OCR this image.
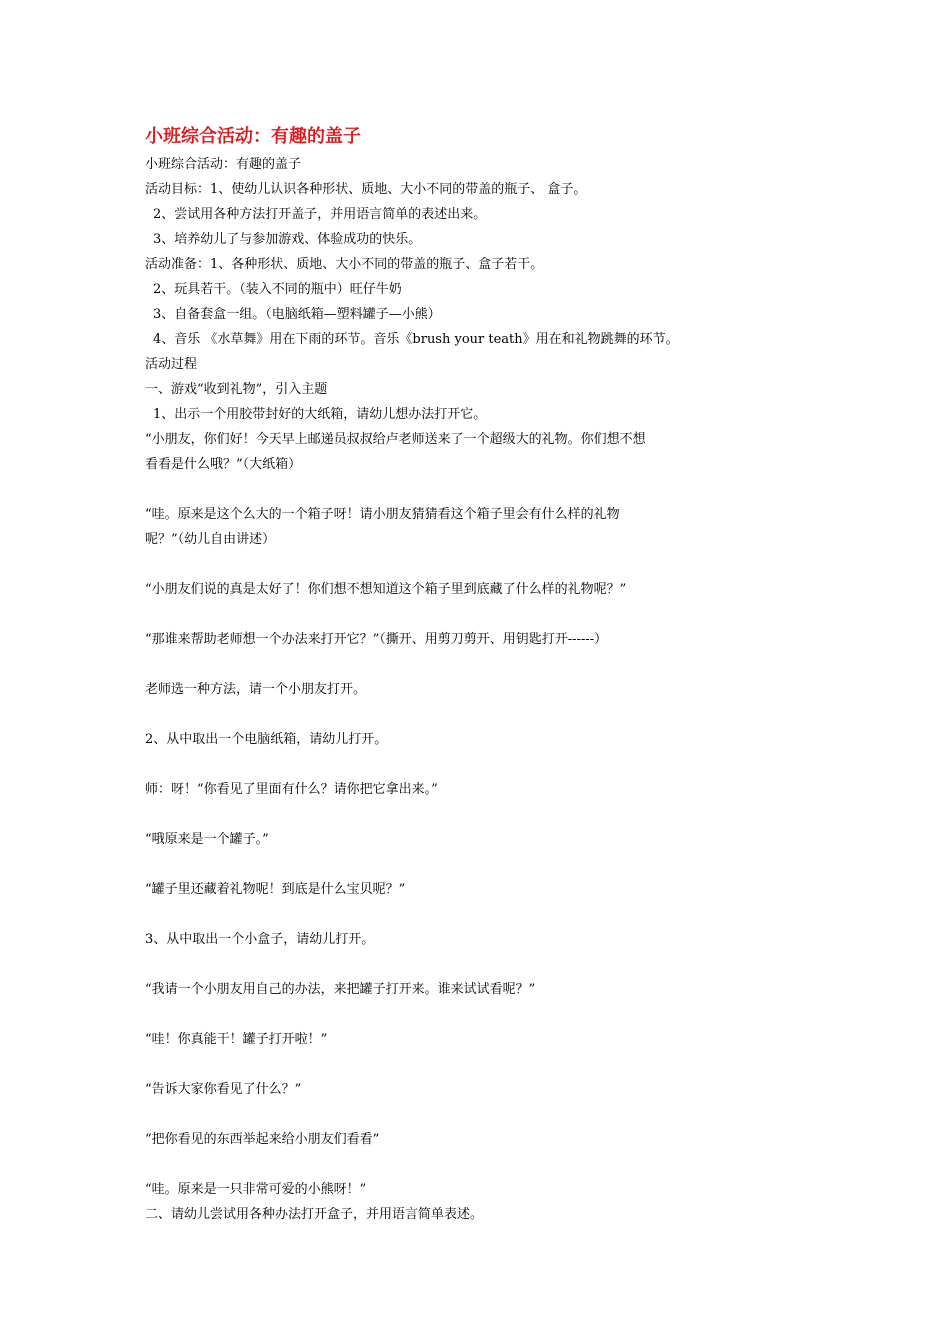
小班综合活动：有趣的盖子

小班综合活动：有趣的盖子

活动目标：1、使幼儿认识各种形状、质地、大小不同的带盖的瓶子、 盒子。

2、尝试用各种方法打开盖子，并用语言简单的表述出来。

3、培养幼儿了与参加游戏、体验成功的快乐。

活动准备：1、各种形状、质地、大小不同的带盖的瓶子、盒子若干。

2、玩具若干。（装入不同的瓶中）旺仔牛奶

3、自备套盒一组。（电脑纸箱—塑料罐子—小熊）

4、音乐 《水草舞》用在下雨的环节。音乐《brush your teath》用在和礼物跳舞的环节。

活动过程

一、游戏“收到礼物”，引入主题

1、出示一个用胶带封好的大纸箱，请幼儿想办法打开它。

“小朋友，你们好！今天早上邮递员叔叔给卢老师送来了一个超级大的礼物。你们想不想

看看是什么哦？”（大纸箱）

“哇。原来是这个么大的一个箱子呀！请小朋友猜猜看这个箱子里会有什么样的礼物

呢？”（幼儿自由讲述）

“小朋友们说的真是太好了！你们想不想知道这个箱子里到底藏了什么样的礼物呢？”

“那谁来帮助老师想一个办法来打开它？”（撕开、用剪刀剪开、用钥匙打开------）

老师选一种方法，请一个小朋友打开。

2、从中取出一个电脑纸箱，请幼儿打开。

师：呀！“你看见了里面有什么？请你把它拿出来。”

“哦原来是一个罐子。”

“罐子里还藏着礼物呢！到底是什么宝贝呢？”

3、从中取出一个小盒子，请幼儿打开。

“我请一个小朋友用自己的办法，来把罐子打开来。谁来试试看呢？”

“哇！你真能干！罐子打开啦！”

“告诉大家你看见了什么？”

“把你看见的东西举起来给小朋友们看看”

“哇。原来是一只非常可爱的小熊呀！”

二、请幼儿尝试用各种办法打开盒子，并用语言简单表述。
